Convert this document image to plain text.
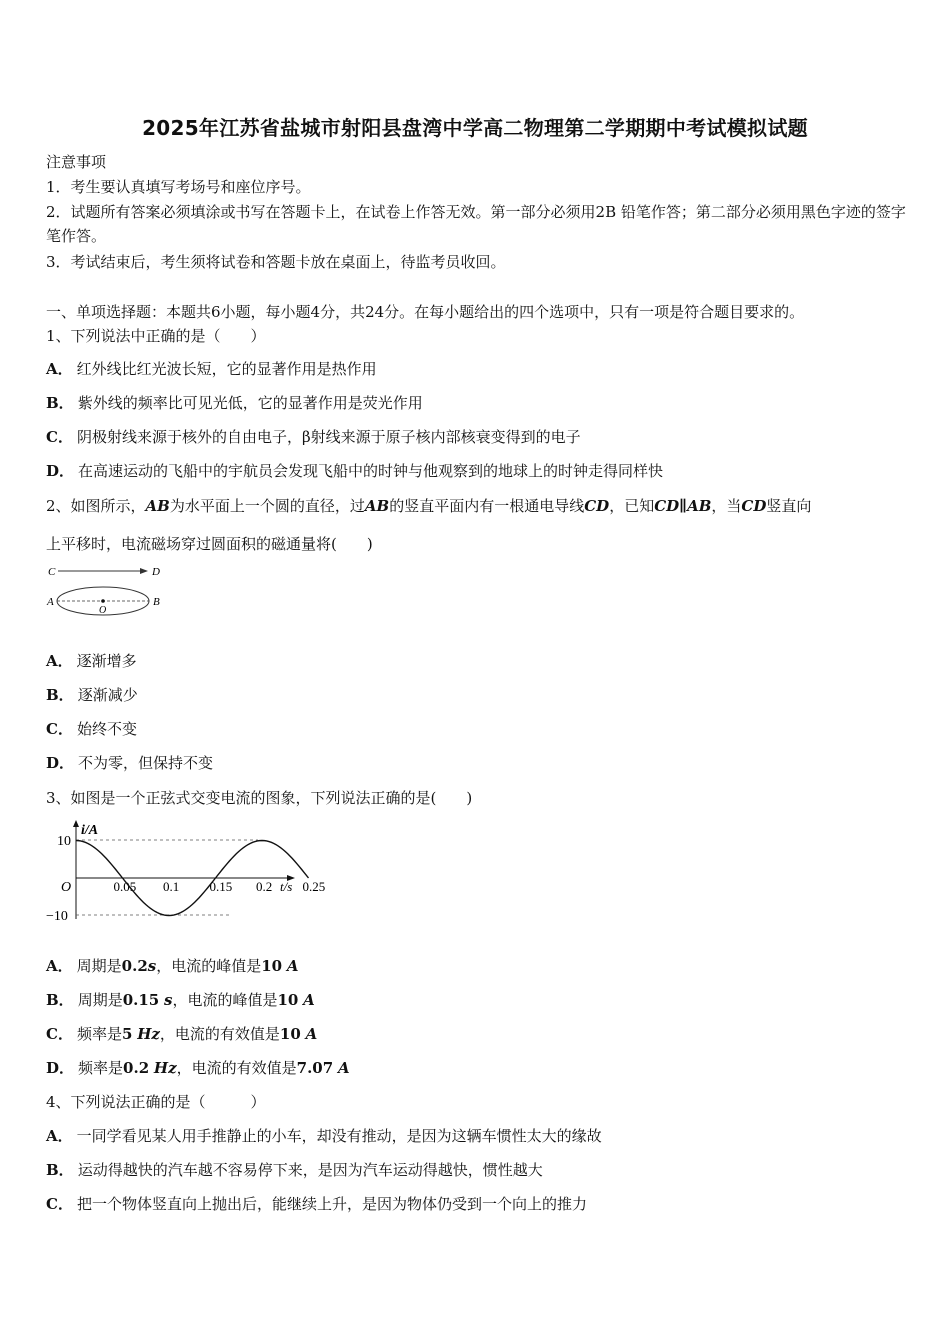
2025年江苏省盐城市射阳县盘湾中学高二物理第二学期期中考试模拟试题
注意事项
1．考生要认真填写考场号和座位序号。
2．试题所有答案必须填涂或书写在答题卡上，在试卷上作答无效。第一部分必须用2B 铅笔作答；第二部分必须用黑色字迹的签字笔作答。
3．考试结束后，考生须将试卷和答题卡放在桌面上，待监考员收回。
一、单项选择题：本题共6小题，每小题4分，共24分。在每小题给出的四个选项中，只有一项是符合题目要求的。
1、下列说法中正确的是（　　）
A． 红外线比红光波长短，它的显著作用是热作用
B． 紫外线的频率比可见光低，它的显著作用是荧光作用
C． 阴极射线来源于核外的自由电子，β射线来源于原子核内部核衰变得到的电子
D． 在高速运动的飞船中的宇航员会发现飞船中的时钟与他观察到的地球上的时钟走得同样快
2、如图所示，AB为水平面上一个圆的直径，过AB的竖直平面内有一根通电导线CD，已知CD∥AB，当CD竖直向
上平移时，电流磁场穿过圆面积的磁通量将(　　)
C	D
A
O
B
A． 逐渐增多
B． 逐渐减少
C． 始终不变
D． 不为零，但保持不变
3、如图是一个正弦式交变电流的图象，下列说法正确的是(　　)
i/A
t/s
O
10
−10
0.05 0.1 0.15 0.2 0.25
A． 周期是0.2s，电流的峰值是10 A
B． 周期是0.15 s，电流的峰值是10 A
C． 频率是5 Hz，电流的有效值是10 A
D． 频率是0.2 Hz，电流的有效值是7.07 A
4、下列说法正确的是（　　　）
A． 一同学看见某人用手推静止的小车，却没有推动，是因为这辆车惯性太大的缘故
B． 运动得越快的汽车越不容易停下来，是因为汽车运动得越快，惯性越大
C． 把一个物体竖直向上抛出后，能继续上升，是因为物体仍受到一个向上的推力
